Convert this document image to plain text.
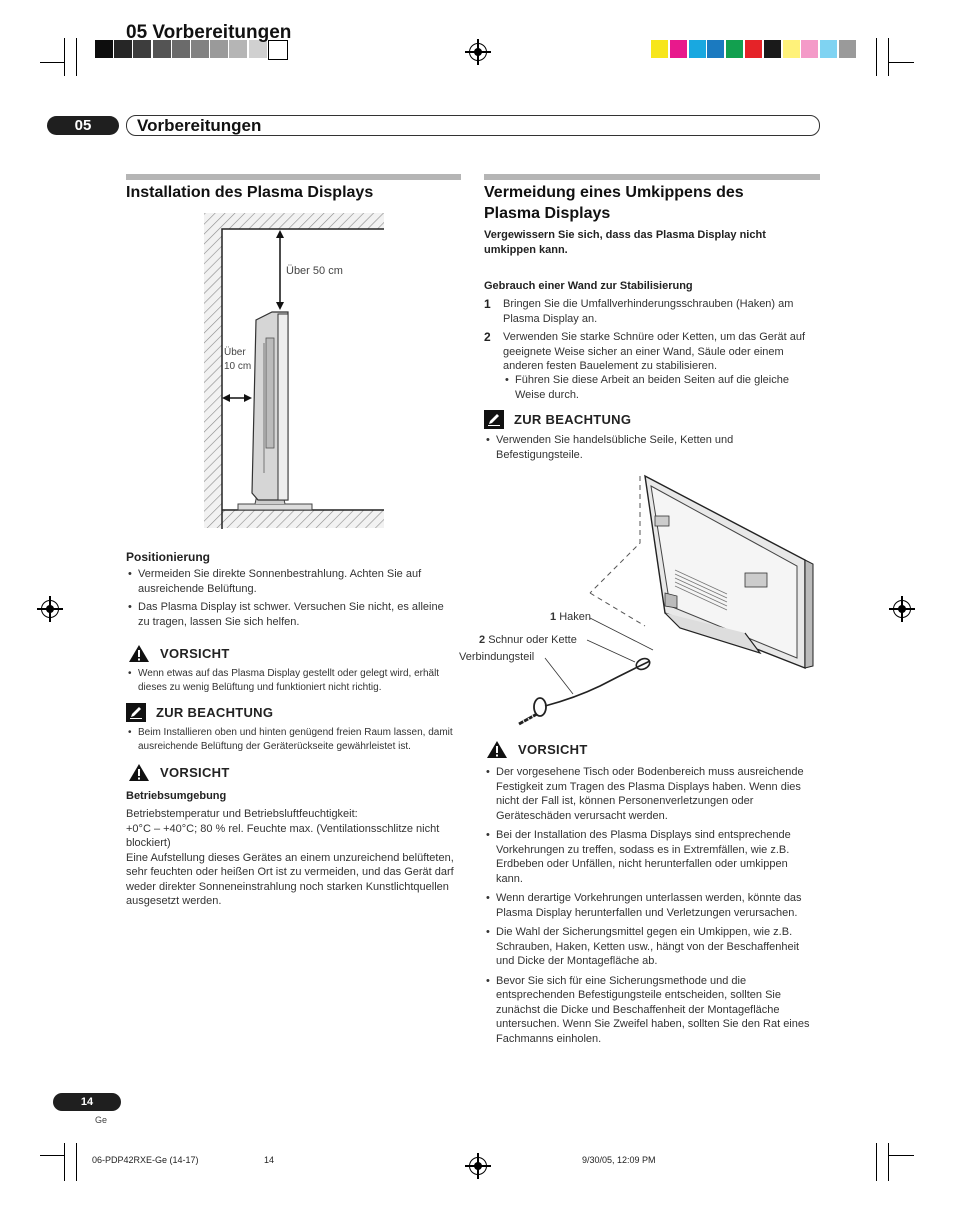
05 Vorbereitungen
05	Vorbereitungen
Installation des Plasma Displays
Über 50 cm
Über
10 cm
Positionierung
• Vermeiden Sie direkte Sonnenbestrahlung. Achten Sie auf ausreichende Belüftung.
• Das Plasma Display ist schwer. Versuchen Sie nicht, es alleine zu tragen, lassen Sie sich helfen.
VORSICHT
• Wenn etwas auf das Plasma Display gestellt oder gelegt wird, erhält dieses zu wenig Belüftung und funktioniert nicht richtig.
ZUR BEACHTUNG
• Beim Installieren oben und hinten genügend freien Raum lassen, damit ausreichende Belüftung der Geräterückseite gewährleistet ist.
VORSICHT
Betriebsumgebung
Betriebstemperatur und Betriebsluftfeuchtigkeit:
+0°C – +40°C; 80 % rel. Feuchte max. (Ventilationsschlitze nicht blockiert)
Eine Aufstellung dieses Gerätes an einem unzureichend belüfteten, sehr feuchten oder heißen Ort ist zu vermeiden, und das Gerät darf weder direkter Sonneneinstrahlung noch starken Kunstlichtquellen ausgesetzt werden.
Vermeidung eines Umkippens des Plasma Displays
Vergewissern Sie sich, dass das Plasma Display nicht umkippen kann.
Gebrauch einer Wand zur Stabilisierung
1 Bringen Sie die Umfallverhinderungsschrauben (Haken) am Plasma Display an.
2 Verwenden Sie starke Schnüre oder Ketten, um das Gerät auf geeignete Weise sicher an einer Wand, Säule oder einem anderen festen Bauelement zu stabilisieren.
• Führen Sie diese Arbeit an beiden Seiten auf die gleiche Weise durch.
ZUR BEACHTUNG
• Verwenden Sie handelsübliche Seile, Ketten und Befestigungsteile.
1 Haken
2 Schnur oder Kette
Verbindungsteil
VORSICHT
• Der vorgesehene Tisch oder Bodenbereich muss ausreichende Festigkeit zum Tragen des Plasma Displays haben. Wenn dies nicht der Fall ist, können Personenverletzungen oder Geräteschäden verursacht werden.
• Bei der Installation des Plasma Displays sind entsprechende Vorkehrungen zu treffen, sodass es in Extremfällen, wie z.B. Erdbeben oder Unfällen, nicht herunterfallen oder umkippen kann.
• Wenn derartige Vorkehrungen unterlassen werden, könnte das Plasma Display herunterfallen und Verletzungen verursachen.
• Die Wahl der Sicherungsmittel gegen ein Umkippen, wie z.B. Schrauben, Haken, Ketten usw., hängt von der Beschaffenheit und Dicke der Montagefläche ab.
• Bevor Sie sich für eine Sicherungsmethode und die entsprechenden Befestigungsteile entscheiden, sollten Sie zunächst die Dicke und Beschaffenheit der Montagefläche untersuchen. Wenn Sie Zweifel haben, sollten Sie den Rat eines Fachmanns einholen.
14
Ge
06-PDP42RXE-Ge (14-17)	14	9/30/05, 12:09 PM
